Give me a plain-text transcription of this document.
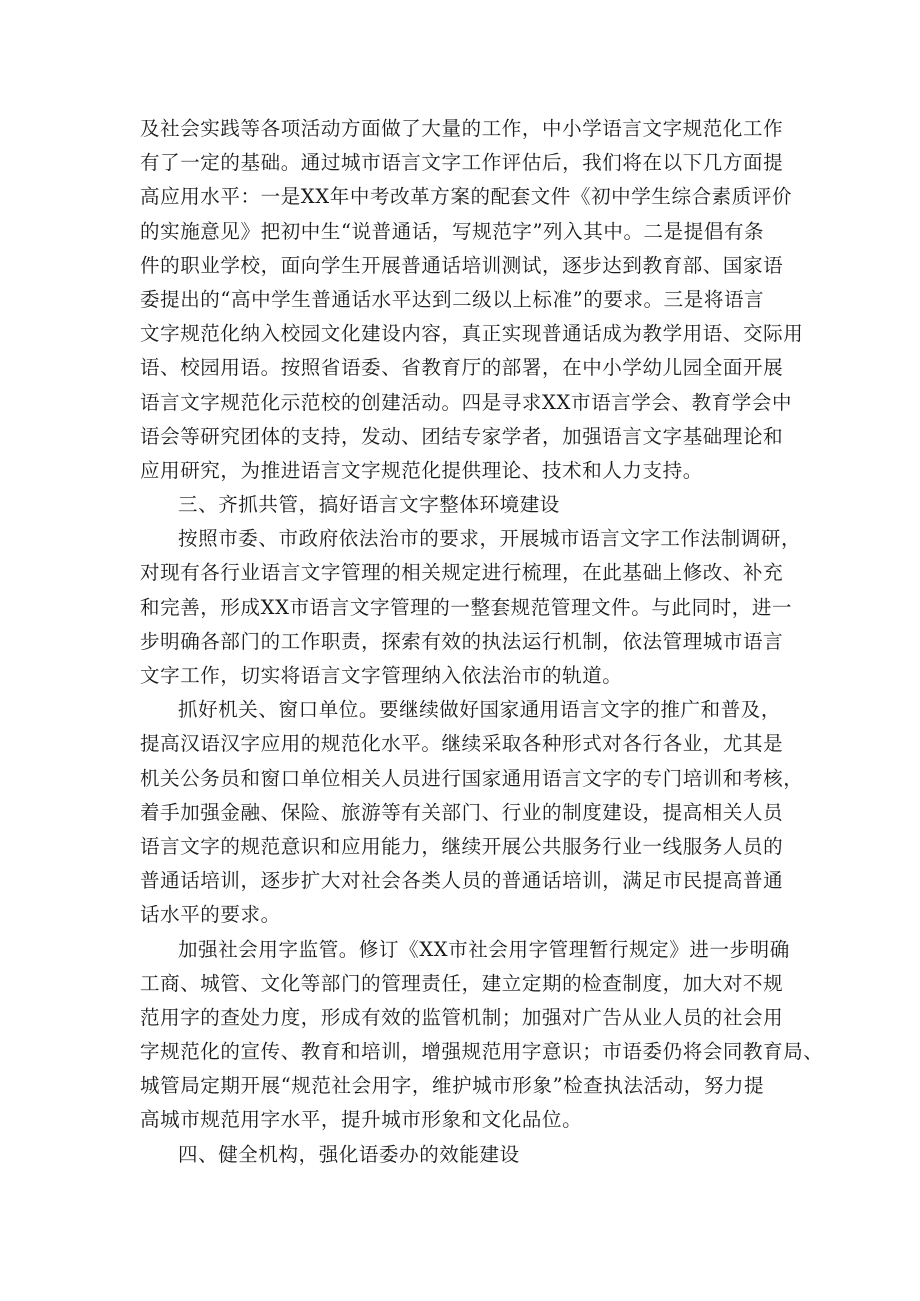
及社会实践等各项活动方面做了大量的工作，中小学语言文字规范化工作
有了一定的基础。通过城市语言文字工作评估后，我们将在以下几方面提
高应用水平：一是XX年中考改革方案的配套文件《初中学生综合素质评价
的实施意见》把初中生“说普通话，写规范字”列入其中。二是提倡有条
件的职业学校，面向学生开展普通话培训测试，逐步达到教育部、国家语
委提出的“高中学生普通话水平达到二级以上标准”的要求。三是将语言
文字规范化纳入校园文化建设内容，真正实现普通话成为教学用语、交际用
语、校园用语。按照省语委、省教育厅的部署，在中小学幼儿园全面开展
语言文字规范化示范校的创建活动。四是寻求XX市语言学会、教育学会中
语会等研究团体的支持，发动、团结专家学者，加强语言文字基础理论和
应用研究，为推进语言文字规范化提供理论、技术和人力支持。
三、齐抓共管，搞好语言文字整体环境建设
按照市委、市政府依法治市的要求，开展城市语言文字工作法制调研，
对现有各行业语言文字管理的相关规定进行梳理，在此基础上修改、补充
和完善，形成XX市语言文字管理的一整套规范管理文件。与此同时，进一
步明确各部门的工作职责，探索有效的执法运行机制，依法管理城市语言
文字工作，切实将语言文字管理纳入依法治市的轨道。
抓好机关、窗口单位。要继续做好国家通用语言文字的推广和普及，
提高汉语汉字应用的规范化水平。继续采取各种形式对各行各业，尤其是
机关公务员和窗口单位相关人员进行国家通用语言文字的专门培训和考核，
着手加强金融、保险、旅游等有关部门、行业的制度建设，提高相关人员
语言文字的规范意识和应用能力，继续开展公共服务行业一线服务人员的
普通话培训，逐步扩大对社会各类人员的普通话培训，满足市民提高普通
话水平的要求。
加强社会用字监管。修订《XX市社会用字管理暂行规定》进一步明确
工商、城管、文化等部门的管理责任，建立定期的检查制度，加大对不规
范用字的查处力度，形成有效的监管机制；加强对广告从业人员的社会用
字规范化的宣传、教育和培训，增强规范用字意识；市语委仍将会同教育局、
城管局定期开展“规范社会用字，维护城市形象”检查执法活动，努力提
高城市规范用字水平，提升城市形象和文化品位。
四、健全机构，强化语委办的效能建设
